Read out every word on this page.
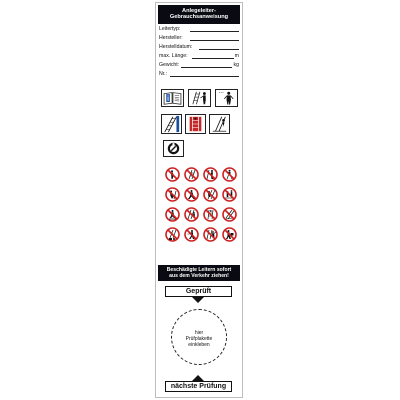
Anlegeleiter-
Gebrauchsanweisung
Leitertyp:
Hersteller:
Herstelldatum:
max. Länge:	m
Gewicht:	kg
Nr.:
Beschädigte Leitern sofort
aus dem Verkehr ziehen!
Geprüft
hier
Prüfplakette
einkleben
nächste Prüfung
